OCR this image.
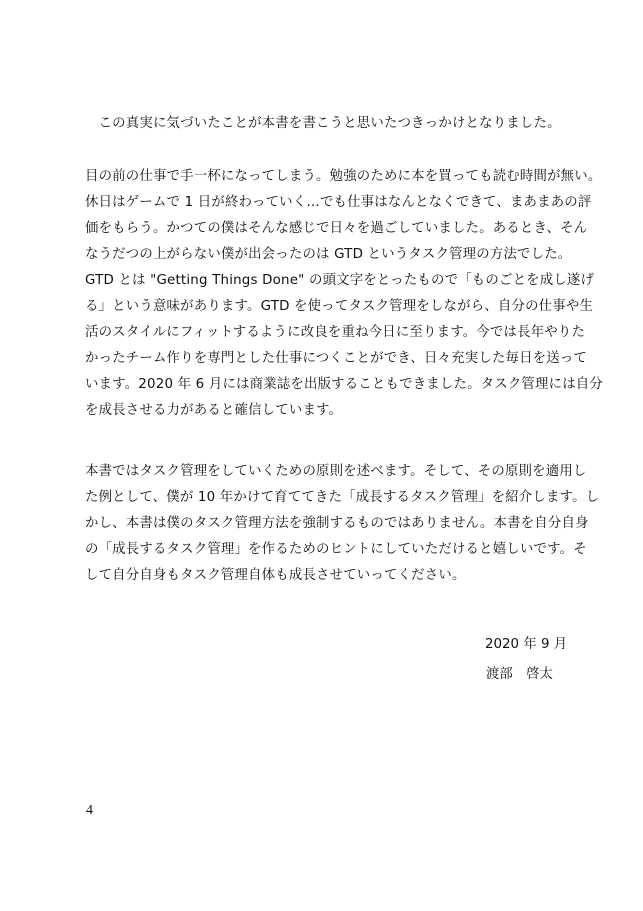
　この真実に気づいたことが本書を書こうと思いたつきっかけとなりました。
目の前の仕事で手一杯になってしまう。勉強のために本を買っても読む時間が無い。
休日はゲームで 1 日が終わっていく…でも仕事はなんとなくできて、まあまあの評
価をもらう。かつての僕はそんな感じで日々を過ごしていました。あるとき、そん
なうだつの上がらない僕が出会ったのは GTD というタスク管理の方法でした。
GTD とは "Getting Things Done" の頭文字をとったもので「ものごとを成し遂げ
る」という意味があります。GTD を使ってタスク管理をしながら、自分の仕事や生
活のスタイルにフィットするように改良を重ね今日に至ります。今では長年やりた
かったチーム作りを専門とした仕事につくことができ、日々充実した毎日を送って
います。2020 年 6 月には商業誌を出版することもできました。タスク管理には自分
を成長させる力があると確信しています。
本書ではタスク管理をしていくための原則を述べます。そして、その原則を適用し
た例として、僕が 10 年かけて育ててきた「成長するタスク管理」を紹介します。し
かし、本書は僕のタスク管理方法を強制するものではありません。本書を自分自身
の「成長するタスク管理」を作るためのヒントにしていただけると嬉しいです。そ
して自分自身もタスク管理自体も成長させていってください。
2020 年 9 月
渡部　啓太
4
